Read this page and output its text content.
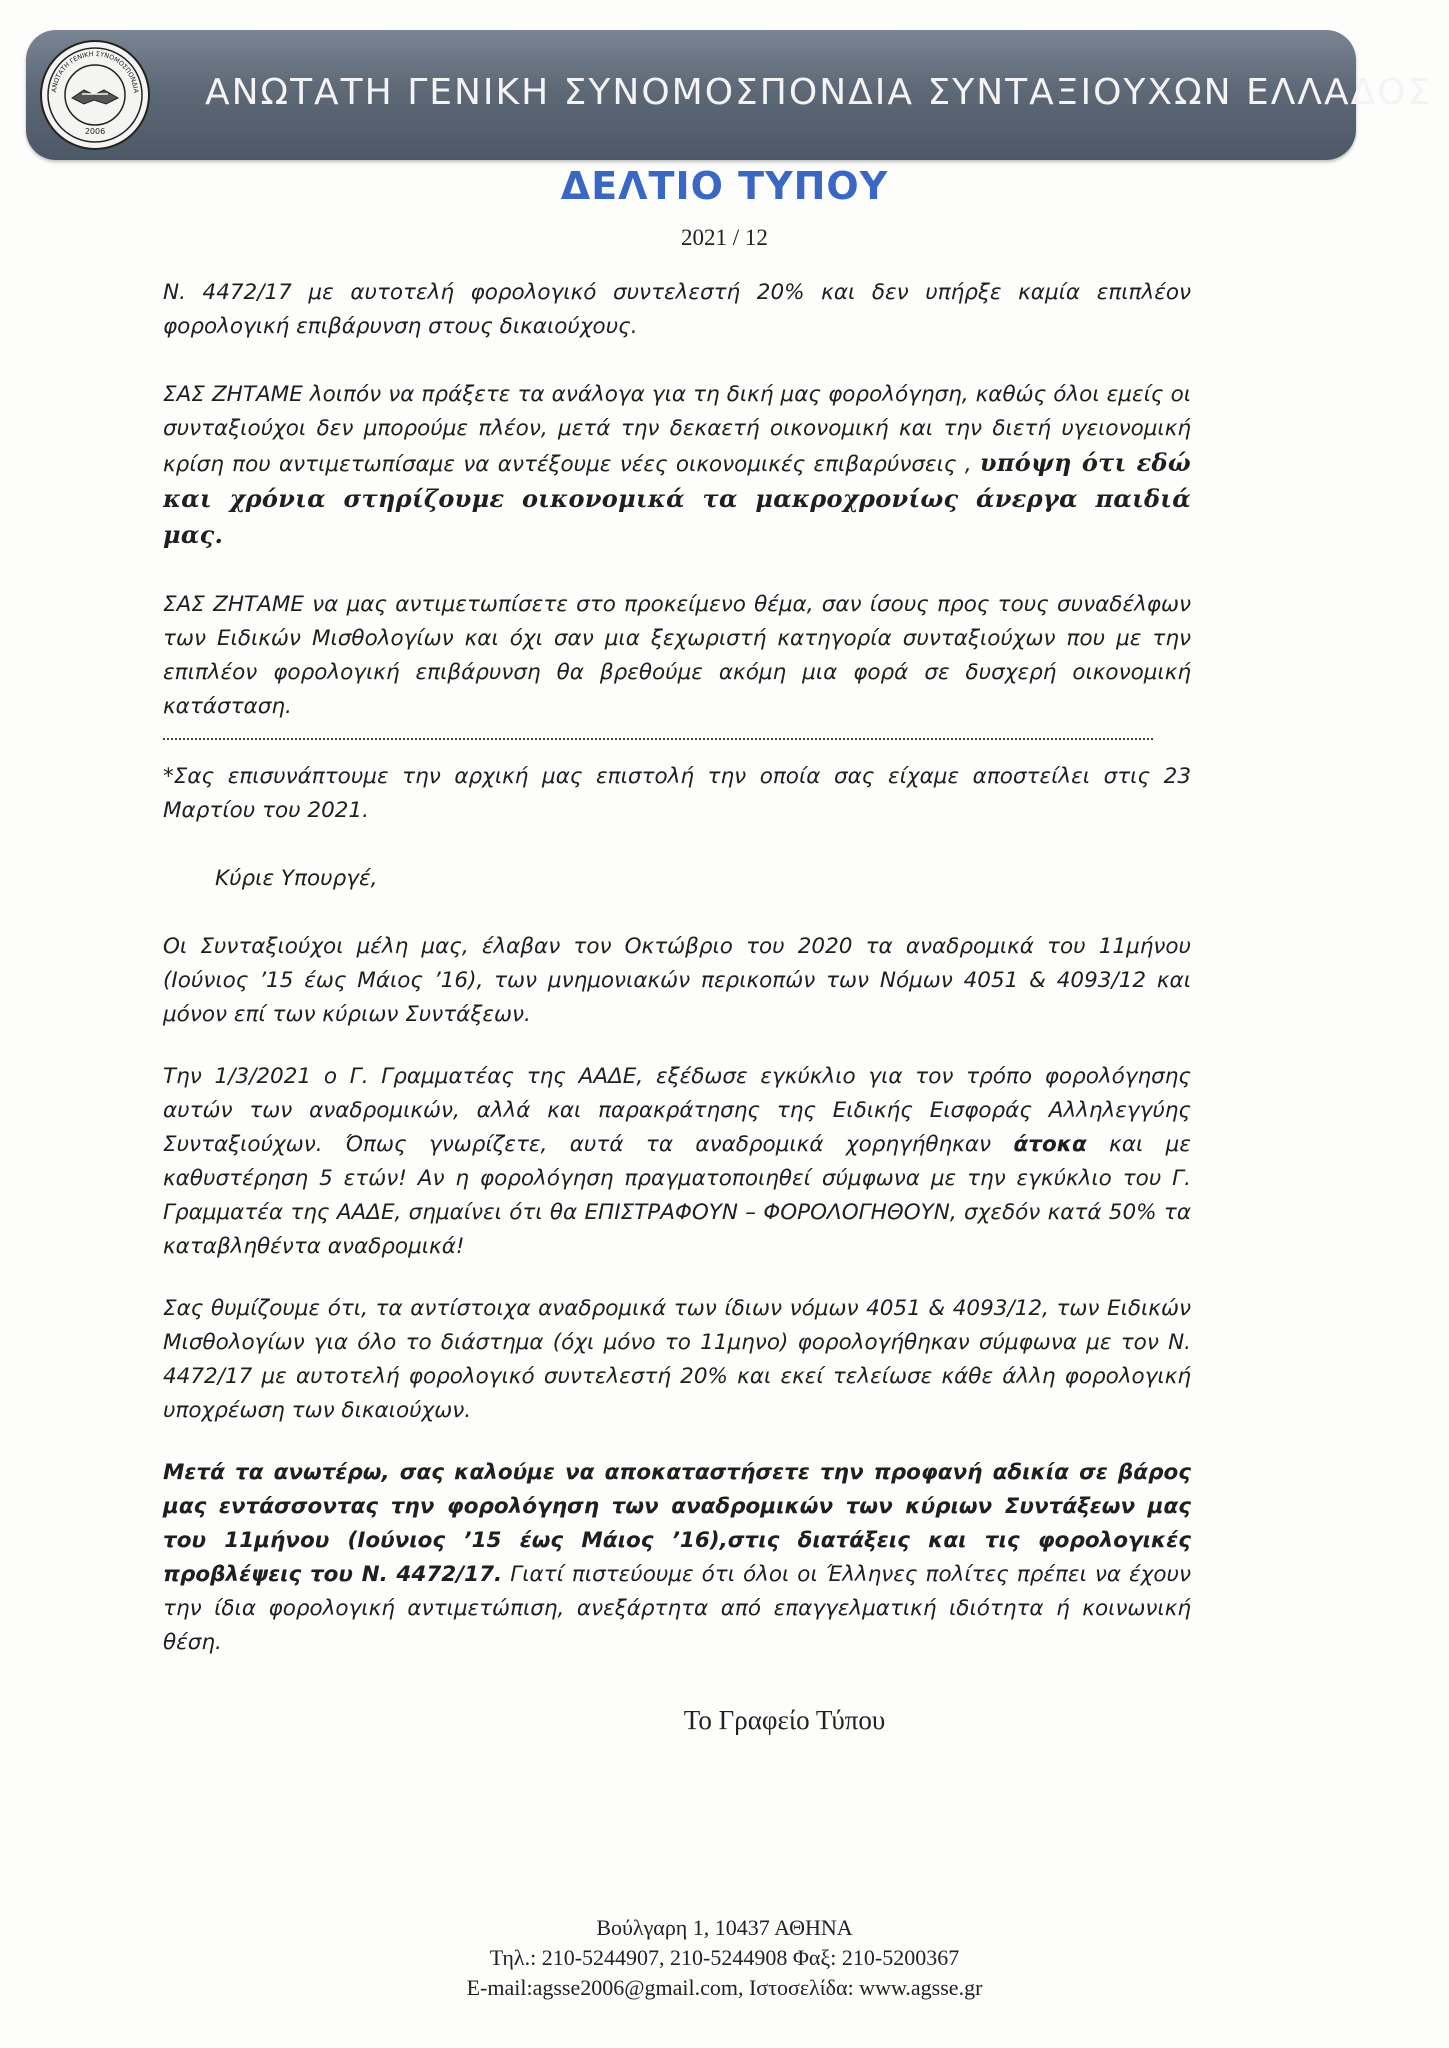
ΑΝΩΤΑΤΗ ΓΕΝΙΚΗ ΣΥΝΟΜΟΣΠΟΝΔΙΑ
2006
ΑΝΩΤΑΤΗ ΓΕΝΙΚΗ ΣΥΝΟΜΟΣΠΟΝΔΙΑ ΣΥΝΤΑΞΙΟΥΧΩΝ ΕΛΛΑΔΟΣ
ΔΕΛΤΙΟ ΤΥΠΟΥ
2021 / 12

Ν. 4472/17 με αυτοτελή φορολογικό συντελεστή 20% και δεν υπήρξε καμία επιπλέον φορολογική επιβάρυνση στους δικαιούχους.

ΣΑΣ ΖΗΤΑΜΕ λοιπόν να πράξετε τα ανάλογα για τη δική μας φορολόγηση, καθώς όλοι εμείς οι συνταξιούχοι δεν μπορούμε πλέον, μετά την δεκαετή οικονομική και την διετή υγειονομική κρίση που αντιμετωπίσαμε να αντέξουμε νέες οικονομικές επιβαρύνσεις , υπόψη ότι εδώ και χρόνια στηρίζουμε οικονομικά τα μακροχρονίως άνεργα παιδιά μας.

ΣΑΣ ΖΗΤΑΜΕ να μας αντιμετωπίσετε στο προκείμενο θέμα, σαν ίσους προς τους συναδέλφων των Ειδικών Μισθολογίων και όχι σαν μια ξεχωριστή κατηγορία συνταξιούχων που με την επιπλέον φορολογική επιβάρυνση θα βρεθούμε ακόμη μια φορά σε δυσχερή οικονομική κατάσταση.

*Σας επισυνάπτουμε την αρχική μας επιστολή την οποία σας είχαμε αποστείλει στις 23 Μαρτίου του 2021.

Κύριε Υπουργέ,

Οι Συνταξιούχοι μέλη μας, έλαβαν τον Οκτώβριο του 2020 τα αναδρομικά του 11μήνου (Ιούνιος ’15 έως Μάιος ’16), των μνημονιακών περικοπών των Νόμων 4051 & 4093/12 και μόνον επί των κύριων Συντάξεων.

Την 1/3/2021 ο Γ. Γραμματέας της ΑΑΔΕ, εξέδωσε εγκύκλιο για τον τρόπο φορολόγησης αυτών των αναδρομικών, αλλά και παρακράτησης της Ειδικής Εισφοράς Αλληλεγγύης Συνταξιούχων. Όπως γνωρίζετε, αυτά τα αναδρομικά χορηγήθηκαν άτοκα και με καθυστέρηση 5 ετών! Αν η φορολόγηση πραγματοποιηθεί σύμφωνα με την εγκύκλιο του Γ. Γραμματέα της ΑΑΔΕ, σημαίνει ότι θα ΕΠΙΣΤΡΑΦΟΥΝ – ΦΟΡΟΛΟΓΗΘΟΥΝ, σχεδόν κατά 50% τα καταβληθέντα αναδρομικά!

Σας θυμίζουμε ότι, τα αντίστοιχα αναδρομικά των ίδιων νόμων 4051 & 4093/12, των Ειδικών Μισθολογίων για όλο το διάστημα (όχι μόνο το 11μηνο) φορολογήθηκαν σύμφωνα με τον Ν. 4472/17 με αυτοτελή φορολογικό συντελεστή 20% και εκεί τελείωσε κάθε άλλη φορολογική υποχρέωση των δικαιούχων.

Μετά τα ανωτέρω, σας καλούμε να αποκαταστήσετε την προφανή αδικία σε βάρος μας εντάσσοντας την φορολόγηση των αναδρομικών των κύριων Συντάξεων μας του 11μήνου (Ιούνιος ’15 έως Μάιος ’16),στις διατάξεις και τις φορολογικές προβλέψεις του Ν. 4472/17. Γιατί πιστεύουμε ότι όλοι οι Έλληνες πολίτες πρέπει να έχουν την ίδια φορολογική αντιμετώπιση, ανεξάρτητα από επαγγελματική ιδιότητα ή κοινωνική θέση.

Το Γραφείο Τύπου
Βούλγαρη 1, 10437 ΑΘΗΝΑ
Τηλ.: 210-5244907, 210-5244908 Φαξ: 210-5200367
E-mail:agsse2006@gmail.com, Ιστοσελίδα: www.agsse.gr
